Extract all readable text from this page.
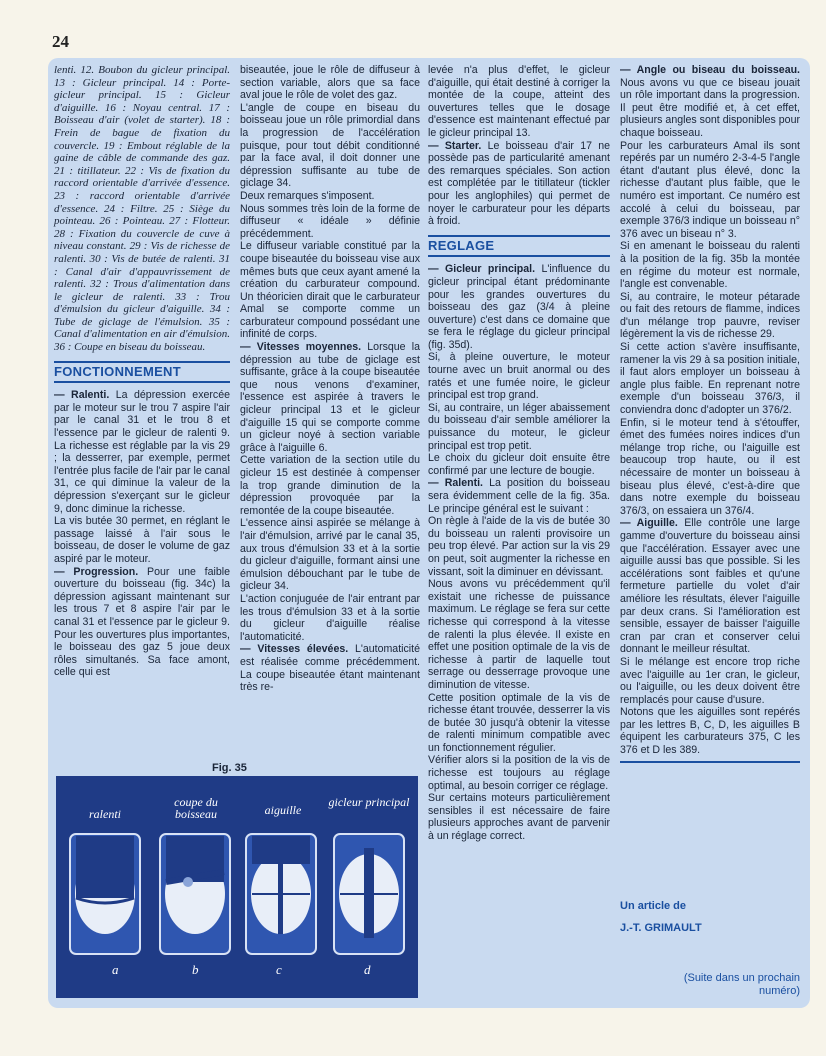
24

lenti. 12. Boubon du gicleur principal. 13 : Gicleur principal. 14 : Porte-gicleur principal. 15 : Gicleur d'aiguille. 16 : Noyau central. 17 : Boisseau d'air (volet de starter). 18 : Frein de bague de fixation du couvercle. 19 : Embout réglable de la gaine de câble de commande des gaz. 21 : titillateur. 22 : Vis de fixation du raccord orientable d'arrivée d'essence. 23 : raccord orientable d'arrivée d'essence. 24 : Filtre. 25 : Siège du pointeau. 26 : Pointeau. 27 : Flotteur. 28 : Fixation du couvercle de cuve à niveau constant. 29 : Vis de richesse de ralenti. 30 : Vis de butée de ralenti. 31 : Canal d'air d'appauvrissement de ralenti. 32 : Trous d'alimentation dans le gicleur de ralenti. 33 : Trou d'émulsion du gicleur d'aiguille. 34 : Tube de giclage de l'émulsion. 35 : Canal d'alimentation en air d'émulsion. 36 : Coupe en biseau du boisseau.

FONCTIONNEMENT

— Ralenti. La dépression exercée par le moteur sur le trou 7 aspire l'air par le canal 31 et le trou 8 et l'essence par le gicleur de ralenti 9. La richesse est réglable par la vis 29 ; la desserrer, par exemple, permet l'entrée plus facile de l'air par le canal 31, ce qui diminue la valeur de la dépression s'exerçant sur le gicleur 9, donc diminue la richesse.

La vis butée 30 permet, en réglant le passage laissé à l'air sous le boisseau, de doser le volume de gaz aspiré par le moteur.

— Progression. Pour une faible ouverture du boisseau (fig. 34c) la dépression agissant maintenant sur les trous 7 et 8 aspire l'air par le canal 31 et l'essence par le gicleur 9. Pour les ouvertures plus importantes, le boisseau des gaz 5 joue deux rôles simultanés. Sa face amont, celle qui est

biseautée, joue le rôle de diffuseur à section variable, alors que sa face aval joue le rôle de volet des gaz.

L'angle de coupe en biseau du boisseau joue un rôle primordial dans la progression de l'accélération puisque, pour tout débit conditionné par la face aval, il doit donner une dépression suffisante au tube de giclage 34.

Deux remarques s'imposent.

Nous sommes très loin de la forme de diffuseur « idéale » définie précédemment.

Le diffuseur variable constitué par la coupe biseautée du boisseau vise aux mêmes buts que ceux ayant amené la création du carburateur compound. Un théoricien dirait que le carburateur Amal se comporte comme un carburateur compound possédant une infinité de corps.

— Vitesses moyennes. Lorsque la dépression au tube de giclage est suffisante, grâce à la coupe biseautée que nous venons d'examiner, l'essence est aspirée à travers le gicleur principal 13 et le gicleur d'aiguille 15 qui se comporte comme un gicleur noyé à section variable grâce à l'aiguille 6.

Cette variation de la section utile du gicleur 15 est destinée à compenser la trop grande diminution de la dépression provoquée par la remontée de la coupe biseautée.

L'essence ainsi aspirée se mélange à l'air d'émulsion, arrivé par le canal 35, aux trous d'émulsion 33 et à la sortie du gicleur d'aiguille, formant ainsi une émulsion débouchant par le tube de gicleur 34.

L'action conjuguée de l'air entrant par les trous d'émulsion 33 et à la sortie du gicleur d'aiguille réalise l'automaticité.

— Vitesses élevées. L'automaticité est réalisée comme précédemment. La coupe biseautée étant maintenant très re-

levée n'a plus d'effet, le gicleur d'aiguille, qui était destiné à corriger la montée de la coupe, atteint des ouvertures telles que le dosage d'essence est maintenant effectué par le gicleur principal 13.

— Starter. Le boisseau d'air 17 ne possède pas de particularité amenant des remarques spéciales. Son action est complétée par le titillateur (tickler pour les anglophiles) qui permet de noyer le carburateur pour les départs à froid.

REGLAGE

— Gicleur principal. L'influence du gicleur principal étant prédominante pour les grandes ouvertures du boisseau des gaz (3/4 à pleine ouverture) c'est dans ce domaine que se fera le réglage du gicleur principal (fig. 35d).

Si, à pleine ouverture, le moteur tourne avec un bruit anormal ou des ratés et une fumée noire, le gicleur principal est trop grand.

Si, au contraire, un léger abaissement du boisseau d'air semble améliorer la puissance du moteur, le gicleur principal est trop petit.

Le choix du gicleur doit ensuite être confirmé par une lecture de bougie.

— Ralenti. La position du boisseau sera évidemment celle de la fig. 35a. Le principe général est le suivant :

On règle à l'aide de la vis de butée 30 du boisseau un ralenti provisoire un peu trop élevé. Par action sur la vis 29 on peut, soit augmenter la richesse en vissant, soit la diminuer en dévissant.

Nous avons vu précédemment qu'il existait une richesse de puissance maximum. Le réglage se fera sur cette richesse qui correspond à la vitesse de ralenti la plus élevée. Il existe en effet une position optimale de la vis de richesse à partir de laquelle tout serrage ou desserrage provoque une diminution de vitesse.

Cette position optimale de la vis de richesse étant trouvée, desserrer la vis de butée 30 jusqu'à obtenir la vitesse de ralenti minimum compatible avec un fonctionnement régulier.

Vérifier alors si la position de la vis de richesse est toujours au réglage optimal, au besoin corriger ce réglage.

Sur certains moteurs particulièrement sensibles il est nécessaire de faire plusieurs approches avant de parvenir à un réglage correct.

— Angle ou biseau du boisseau. Nous avons vu que ce biseau jouait un rôle important dans la progression. Il peut être modifié et, à cet effet, plusieurs angles sont disponibles pour chaque boisseau.

Pour les carburateurs Amal ils sont repérés par un numéro 2-3-4-5 l'angle étant d'autant plus élevé, donc la richesse d'autant plus faible, que le numéro est important. Ce numéro est accolé à celui du boisseau, par exemple 376/3 indique un boisseau n° 376 avec un biseau n° 3.

Si en amenant le boisseau du ralenti à la position de la fig. 35b la montée en régime du moteur est normale, l'angle est convenable.

Si, au contraire, le moteur pétarade ou fait des retours de flamme, indices d'un mélange trop pauvre, reviser légèrement la vis de richesse 29.

Si cette action s'avère insuffisante, ramener la vis 29 à sa position initiale, il faut alors employer un boisseau à angle plus faible. En reprenant notre exemple d'un boisseau 376/3, il conviendra donc d'adopter un 376/2.

Enfin, si le moteur tend à s'étouffer, émet des fumées noires indices d'un mélange trop riche, ou l'aiguille est beaucoup trop haute, ou il est nécessaire de monter un boisseau à biseau plus élevé, c'est-à-dire que dans notre exemple du boisseau 376/3, on essaiera un 376/4.

— Aiguille. Elle contrôle une large gamme d'ouverture du boisseau ainsi que l'accélération. Essayer avec une aiguille aussi bas que possible. Si les accélérations sont faibles et qu'une fermeture partielle du volet d'air améliore les résultats, élever l'aiguille par deux crans. Si l'amélioration est sensible, essayer de baisser l'aiguille cran par cran et conserver celui donnant le meilleur résultat.

Si le mélange est encore trop riche avec l'aiguille au 1er cran, le gicleur, ou l'aiguille, ou les deux doivent être remplacés pour cause d'usure.

Notons que les aiguilles sont repérés par les lettres B, C, D, les aiguilles B équipent les carburateurs 375, C les 376 et D les 389.

Un article de
J.-T. GRIMAULT
(Suite dans un prochain
numéro)
Fig. 35
ralenti
coupe du boisseau	aiguille
gicleur principal
a	b	c	d
